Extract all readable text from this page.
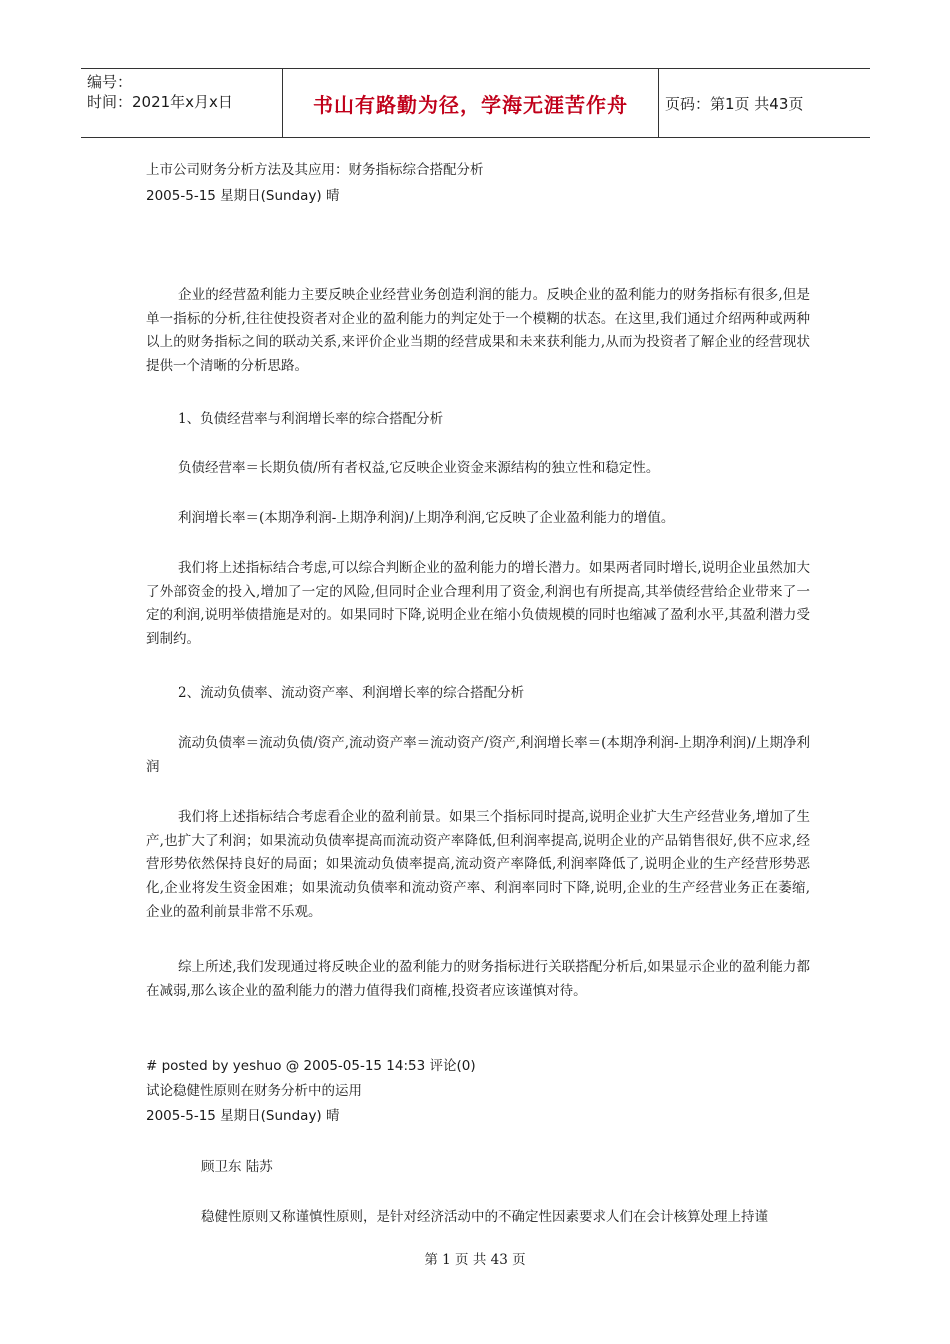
编号：
时间：2021年x月x日	书山有路勤为径，学海无涯苦作舟	页码：第1页 共43页
上市公司财务分析方法及其应用：财务指标综合搭配分析
2005-5-15 星期日(Sunday) 晴
企业的经营盈利能力主要反映企业经营业务创造利润的能力。反映企业的盈利能力的财务指标有很多,但是单一指标的分析,往往使投资者对企业的盈利能力的判定处于一个模糊的状态。在这里,我们通过介绍两种或两种以上的财务指标之间的联动关系,来评价企业当期的经营成果和未来获利能力,从而为投资者了解企业的经营现状提供一个清晰的分析思路。
1、负债经营率与利润增长率的综合搭配分析
负债经营率＝长期负债/所有者权益,它反映企业资金来源结构的独立性和稳定性。
利润增长率＝(本期净利润-上期净利润)/上期净利润,它反映了企业盈利能力的增值。
我们将上述指标结合考虑,可以综合判断企业的盈利能力的增长潜力。如果两者同时增长,说明企业虽然加大了外部资金的投入,增加了一定的风险,但同时企业合理利用了资金,利润也有所提高,其举债经营给企业带来了一定的利润,说明举债措施是对的。如果同时下降,说明企业在缩小负债规模的同时也缩减了盈利水平,其盈利潜力受到制约。
2、流动负债率、流动资产率、利润增长率的综合搭配分析
流动负债率＝流动负债/资产,流动资产率＝流动资产/资产,利润增长率＝(本期净利润-上期净利润)/上期净利润
我们将上述指标结合考虑看企业的盈利前景。如果三个指标同时提高,说明企业扩大生产经营业务,增加了生产,也扩大了利润；如果流动负债率提高而流动资产率降低,但利润率提高,说明企业的产品销售很好,供不应求,经营形势依然保持良好的局面；如果流动负债率提高,流动资产率降低,利润率降低了,说明企业的生产经营形势恶化,企业将发生资金困难；如果流动负债率和流动资产率、利润率同时下降,说明,企业的生产经营业务正在萎缩,企业的盈利前景非常不乐观。
综上所述,我们发现通过将反映企业的盈利能力的财务指标进行关联搭配分析后,如果显示企业的盈利能力都在减弱,那么该企业的盈利能力的潜力值得我们商榷,投资者应该谨慎对待。
# posted by yeshuo @ 2005-05-15 14:53 评论(0)
试论稳健性原则在财务分析中的运用
2005-5-15 星期日(Sunday) 晴
顾卫东 陆苏
稳健性原则又称谨慎性原则，是针对经济活动中的不确定性因素要求人们在会计核算处理上持谨
第 1 页 共 43 页
